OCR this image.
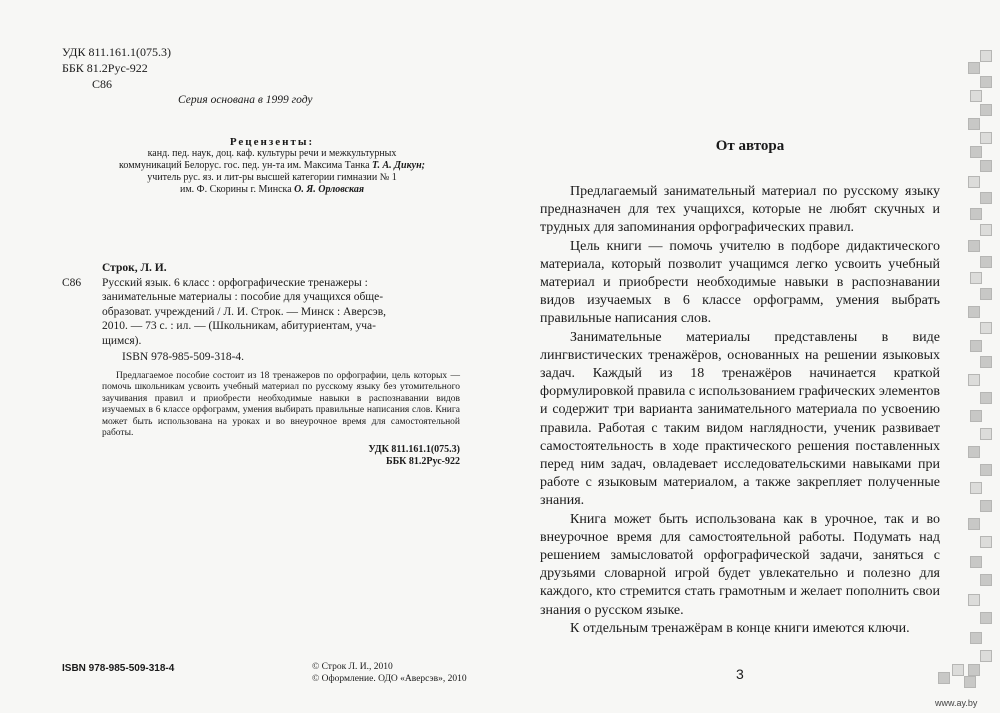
УДК 811.161.1(075.3)
ББК 81.2Рус-922
С86
Серия основана в 1999 году
Рецензенты:
канд. пед. наук, доц. каф. культуры речи и межкультурных
коммуникаций Белорус. гос. пед. ун-та им. Максима Танка Т. А. Дикун;
учитель рус. яз. и лит-ры высшей категории гимназии № 1
им. Ф. Скорины г. Минска О. Я. Орловская
Строк, Л. И.
С86 Русский язык. 6 класс : орфографические тренажеры :
занимательные материалы : пособие для учащихся обще-
образоват. учреждений / Л. И. Строк. — Минск : Аверсэв,
2010. — 73 с. : ил. — (Школьникам, абитуриентам, уча-
щимся).
ISBN 978-985-509-318-4.
Предлагаемое пособие состоит из 18 тренажеров по орфографии, цель которых — помочь школьникам усвоить учебный материал по русскому языку без утомительного заучивания правил и приобрести необходимые навыки в распознавании видов изучаемых в 6 классе орфограмм, умения выбирать правильные написания слов. Книга может быть использована на уроках и во внеурочное время для самостоятельной работы.
УДК 811.161.1(075.3)
ББК 81.2Рус-922
ISBN 978-985-509-318-4	© Строк Л. И., 2010
© Оформление. ОДО «Аверсэв», 2010
От автора

Предлагаемый занимательный материал по русскому языку предназначен для тех учащихся, которые не любят скучных и трудных для запоминания орфографических правил.

Цель книги — помочь учителю в подборе дидактического материала, который позволит учащимся легко усвоить учебный материал и приобрести необходимые навыки в распознавании видов изучаемых в 6 классе орфограмм, умения выбрать правильные написания слов.

Занимательные материалы представлены в виде лингвистических тренажёров, основанных на решении языковых задач. Каждый из 18 тренажёров начинается краткой формулировкой правила с использованием графических элементов и содержит три варианта занимательного материала по усвоению правила. Работая с таким видом наглядности, ученик развивает самостоятельность в ходе практического решения поставленных перед ним задач, овладевает исследовательскими навыками при работе с языковым материалом, а также закрепляет полученные знания.

Книга может быть использована как в урочное, так и во внеурочное время для самостоятельной работы. Подумать над решением замысловатой орфографической задачи, заняться с друзьями словарной игрой будет увлекательно и полезно для каждого, кто стремится стать грамотным и желает пополнить свои знания о русском языке.

К отдельным тренажёрам в конце книги имеются ключи.

3
www.ay.by
